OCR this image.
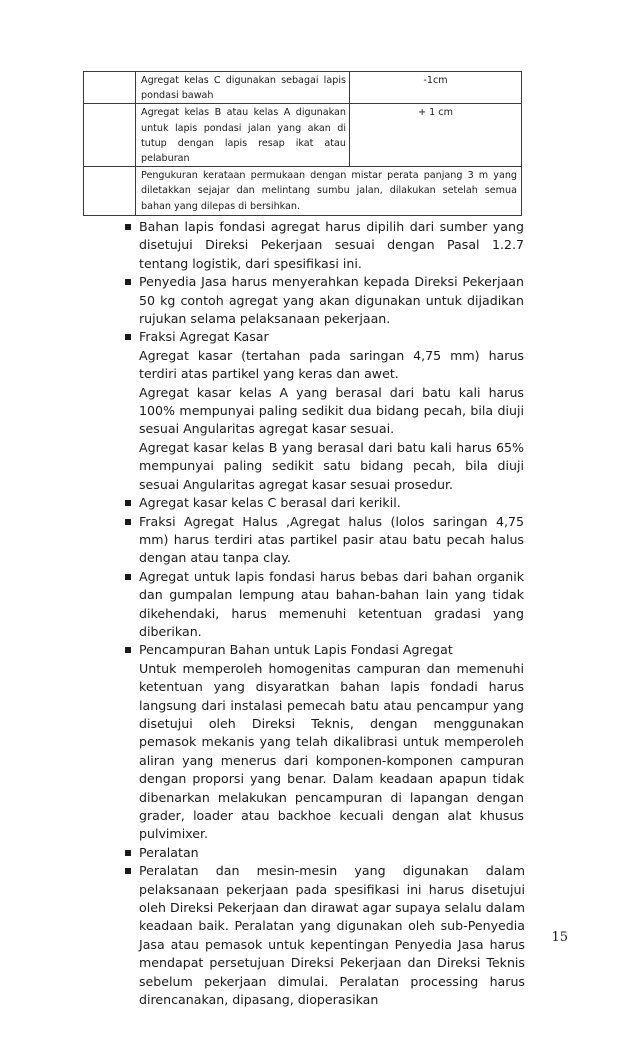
	Agregat kelas C digunakan sebagai lapis pondasi bawah	-1cm

	Agregat kelas B atau kelas A digunakan untuk lapis pondasi jalan yang akan di tutup dengan lapis resap ikat atau pelaburan	+ 1 cm

	Pengukuran kerataan permukaan dengan mistar perata panjang 3 m yang diletakkan sejajar dan melintang sumbu jalan, dilakukan setelah semua bahan yang dilepas di bersihkan.	

Bahan lapis fondasi agregat harus dipilih dari sumber yang disetujui Direksi Pekerjaan sesuai dengan Pasal 1.2.7 tentang logistik, dari spesifikasi ini.

Penyedia Jasa harus menyerahkan kepada Direksi Pekerjaan 50 kg contoh agregat yang akan digunakan untuk dijadikan rujukan selama pelaksanaan pekerjaan.

Fraksi Agregat Kasar

Agregat kasar (tertahan pada saringan 4,75 mm) harus terdiri atas partikel yang keras dan awet.

Agregat kasar kelas A yang berasal dari batu kali harus 100% mempunyai paling sedikit dua bidang pecah, bila diuji sesuai Angularitas agregat kasar sesuai.

Agregat kasar kelas B yang berasal dari batu kali harus 65% mempunyai paling sedikit satu bidang pecah, bila diuji sesuai Angularitas agregat kasar sesuai prosedur.

Agregat kasar kelas C berasal dari kerikil.

Fraksi Agregat Halus ,Agregat halus (lolos saringan 4,75 mm) harus terdiri atas partikel pasir atau batu pecah halus dengan atau tanpa clay.

Agregat untuk lapis fondasi harus bebas dari bahan organik dan gumpalan lempung atau bahan-bahan lain yang tidak dikehendaki, harus memenuhi ketentuan gradasi yang diberikan.

Pencampuran Bahan untuk Lapis Fondasi Agregat

Untuk memperoleh homogenitas campuran dan memenuhi ketentuan yang disyaratkan bahan lapis fondadi harus langsung dari instalasi pemecah batu atau pencampur yang disetujui oleh Direksi Teknis, dengan menggunakan pemasok mekanis yang telah dikalibrasi untuk memperoleh aliran yang menerus dari komponen-komponen campuran dengan proporsi yang benar. Dalam keadaan apapun tidak dibenarkan melakukan pencampuran di lapangan dengan grader, loader atau backhoe kecuali dengan alat khusus pulvimixer.

Peralatan

Peralatan dan mesin-mesin yang digunakan dalam pelaksanaan pekerjaan pada spesifikasi ini harus disetujui oleh Direksi Pekerjaan dan dirawat agar supaya selalu dalam keadaan baik. Peralatan yang digunakan oleh sub-Penyedia Jasa atau pemasok untuk kepentingan Penyedia Jasa harus mendapat persetujuan Direksi Pekerjaan dan Direksi Teknis sebelum pekerjaan dimulai. Peralatan processing harus direncanakan, dipasang, dioperasikan

15
